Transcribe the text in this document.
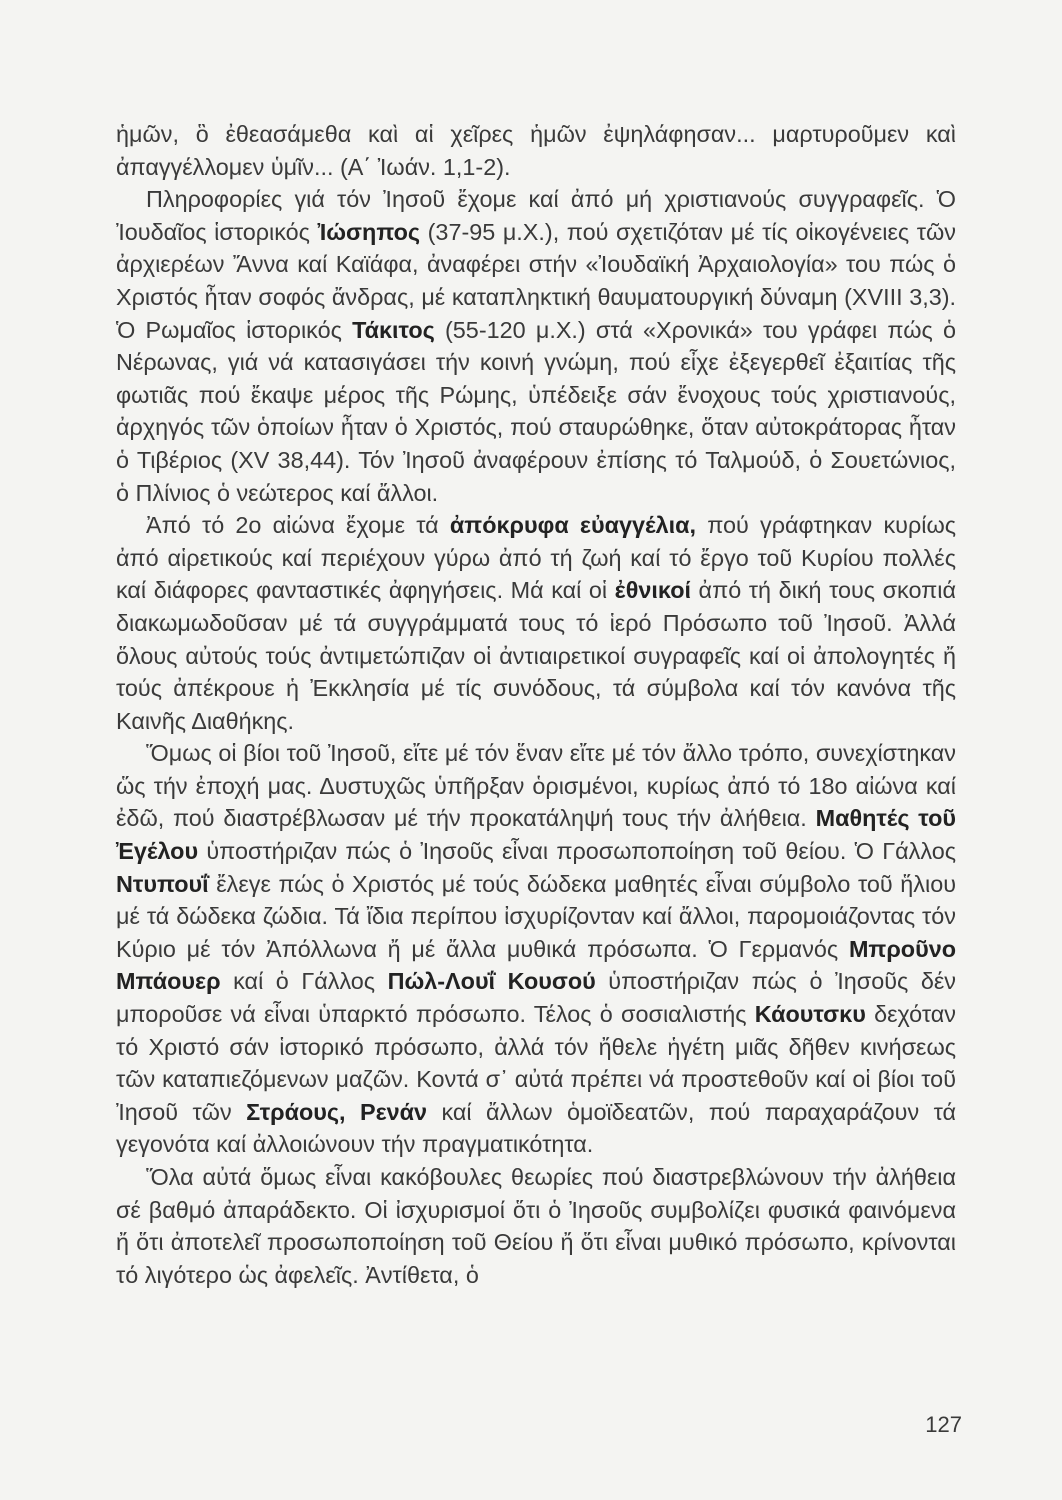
ἡμῶν, ὃ ἐθεασάμεθα καὶ αἱ χεῖρες ἡμῶν ἐψηλάφησαν... μαρτυροῦμεν καὶ ἀπαγγέλλομεν ὑμῖν... (Α΄ Ἰωάν. 1,1-2).

Πληροφορίες γιά τόν Ἰησοῦ ἔχομε καί ἀπό μή χριστιανούς συγγραφεῖς. Ὁ Ἰουδαῖος ἱστορικός Ἰώσηπος (37-95 μ.Χ.), πού σχετιζόταν μέ τίς οἰκογένειες τῶν ἀρχιερέων Ἄννα καί Καϊάφα, ἀναφέρει στήν «Ἰουδαϊκή Ἀρχαιολογία» του πώς ὁ Χριστός ἦταν σοφός ἄνδρας, μέ καταπληκτική θαυματουργική δύναμη (XVIII 3,3). Ὁ Ρωμαῖος ἱστορικός Τάκιτος (55-120 μ.Χ.) στά «Χρονικά» του γράφει πώς ὁ Νέρωνας, γιά νά κατασιγάσει τήν κοινή γνώμη, πού εἶχε ἐξεγερθεῖ ἐξαιτίας τῆς φωτιᾶς πού ἔκαψε μέρος τῆς Ρώμης, ὑπέδειξε σάν ἔνοχους τούς χριστιανούς, ἀρχηγός τῶν ὁποίων ἦταν ὁ Χριστός, πού σταυρώθηκε, ὅταν αὐτοκράτορας ἦταν ὁ Τιβέριος (XV 38,44). Τόν Ἰησοῦ ἀναφέρουν ἐπίσης τό Ταλμούδ, ὁ Σουετώνιος, ὁ Πλίνιος ὁ νεώτερος καί ἄλλοι.

Ἀπό τό 2ο αἰώνα ἔχομε τά ἀπόκρυφα εὐαγγέλια, πού γράφτηκαν κυρίως ἀπό αἱρετικούς καί περιέχουν γύρω ἀπό τή ζωή καί τό ἔργο τοῦ Κυρίου πολλές καί διάφορες φανταστικές ἀφηγήσεις. Μά καί οἱ ἐθνικοί ἀπό τή δική τους σκοπιά διακωμωδοῦσαν μέ τά συγγράμματά τους τό ἱερό Πρόσωπο τοῦ Ἰησοῦ. Ἀλλά ὅλους αὐτούς τούς ἀντιμετώπιζαν οἱ ἀντιαιρετικοί συγραφεῖς καί οἱ ἀπολογητές ἤ τούς ἀπέκρουε ἡ Ἐκκλησία μέ τίς συνόδους, τά σύμβολα καί τόν κανόνα τῆς Καινῆς Διαθήκης.

Ὅμως οἱ βίοι τοῦ Ἰησοῦ, εἴτε μέ τόν ἕναν εἴτε μέ τόν ἄλλο τρόπο, συνεχίστηκαν ὥς τήν ἐποχή μας. Δυστυχῶς ὑπῆρξαν ὁρισμένοι, κυρίως ἀπό τό 18ο αἰώνα καί ἐδῶ, πού διαστρέβλωσαν μέ τήν προκατάληψή τους τήν ἀλήθεια. Μαθητές τοῦ Ἐγέλου ὑποστήριζαν πώς ὁ Ἰησοῦς εἶναι προσωποποίηση τοῦ θείου. Ὁ Γάλλος Ντυπουΐ ἔλεγε πώς ὁ Χριστός μέ τούς δώδεκα μαθητές εἶναι σύμβολο τοῦ ἥλιου μέ τά δώδεκα ζώδια. Τά ἴδια περίπου ἰσχυρίζονταν καί ἄλλοι, παρομοιάζοντας τόν Κύριο μέ τόν Ἀπόλλωνα ἤ μέ ἄλλα μυθικά πρόσωπα. Ὁ Γερμανός Μπροῦνο Μπάουερ καί ὁ Γάλλος Πώλ-Λουΐ Κουσού ὑποστήριζαν πώς ὁ Ἰησοῦς δέν μποροῦσε νά εἶναι ὑπαρκτό πρόσωπο. Τέλος ὁ σοσιαλιστής Κάουτσκυ δεχόταν τό Χριστό σάν ἱστορικό πρόσωπο, ἀλλά τόν ἤθελε ἡγέτη μιᾶς δῆθεν κινήσεως τῶν καταπιεζόμενων μαζῶν. Κοντά σ᾽ αὐτά πρέπει νά προστεθοῦν καί οἱ βίοι τοῦ Ἰησοῦ τῶν Στράους, Ρενάν καί ἄλλων ὁμοϊδεατῶν, πού παραχαράζουν τά γεγονότα καί ἀλλοιώνουν τήν πραγματικότητα.

Ὅλα αὐτά ὅμως εἶναι κακόβουλες θεωρίες πού διαστρεβλώνουν τήν ἀλήθεια σέ βαθμό ἀπαράδεκτο. Οἱ ἰσχυρισμοί ὅτι ὁ Ἰησοῦς συμβολίζει φυσικά φαινόμενα ἤ ὅτι ἀποτελεῖ προσωποποίηση τοῦ Θείου ἤ ὅτι εἶναι μυθικό πρόσωπο, κρίνονται τό λιγότερο ὡς ἀφελεῖς. Ἀντίθετα, ὁ

127
